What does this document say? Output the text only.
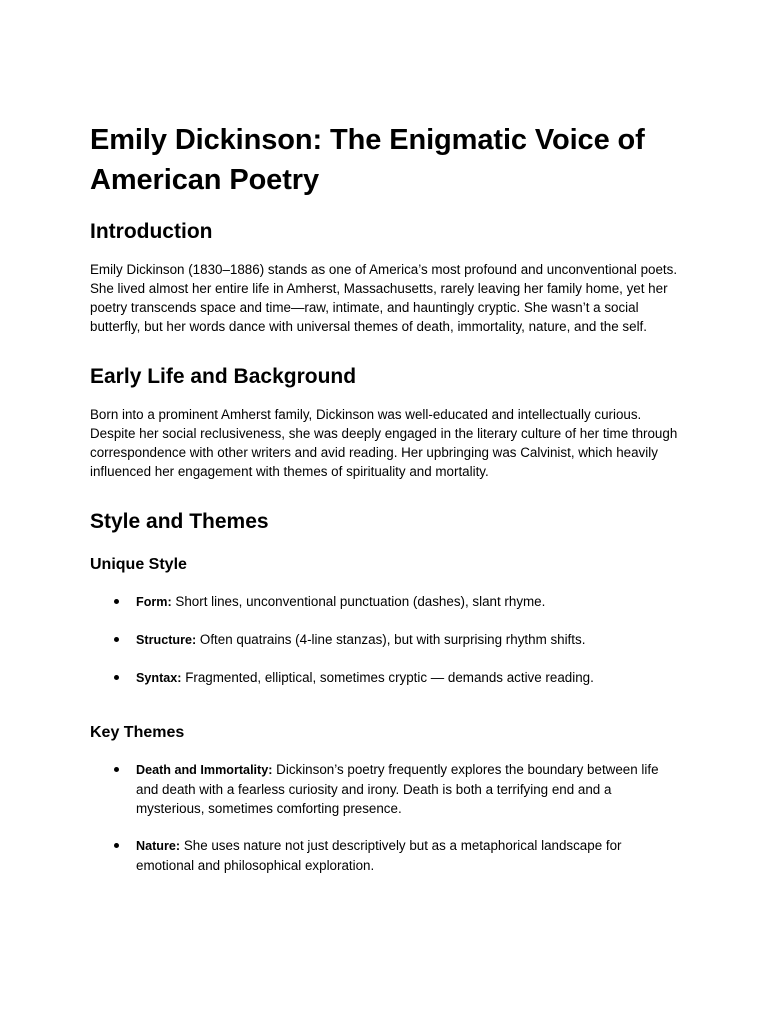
Emily Dickinson: The Enigmatic Voice of American Poetry
Introduction

Emily Dickinson (1830–1886) stands as one of America’s most profound and unconventional poets. She lived almost her entire life in Amherst, Massachusetts, rarely leaving her family home, yet her poetry transcends space and time—raw, intimate, and hauntingly cryptic. She wasn’t a social butterfly, but her words dance with universal themes of death, immortality, nature, and the self.

Early Life and Background

Born into a prominent Amherst family, Dickinson was well-educated and intellectually curious. Despite her social reclusiveness, she was deeply engaged in the literary culture of her time through correspondence with other writers and avid reading. Her upbringing was Calvinist, which heavily influenced her engagement with themes of spirituality and mortality.

Style and Themes
Unique Style
Form: Short lines, unconventional punctuation (dashes), slant rhyme.
Structure: Often quatrains (4-line stanzas), but with surprising rhythm shifts.
Syntax: Fragmented, elliptical, sometimes cryptic — demands active reading.
Key Themes
Death and Immortality: Dickinson’s poetry frequently explores the boundary between life and death with a fearless curiosity and irony. Death is both a terrifying end and a mysterious, sometimes comforting presence.
Nature: She uses nature not just descriptively but as a metaphorical landscape for emotional and philosophical exploration.
